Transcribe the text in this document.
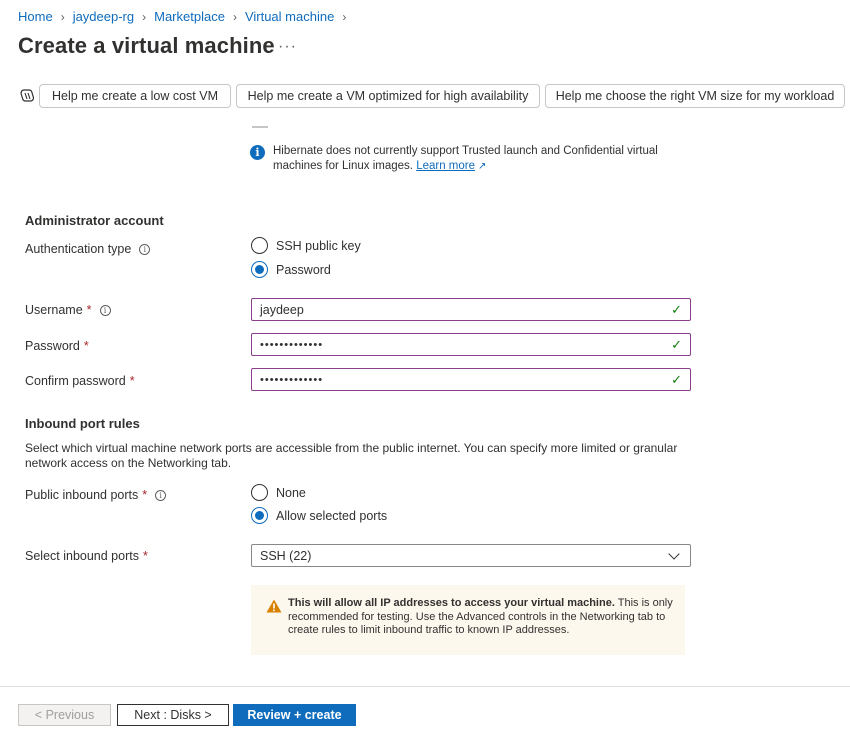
Home › jaydeep-rg › Marketplace › Virtual machine ›
Create a virtual machine ···
Help me create a low cost VM	Help me create a VM optimized for high availability	Help me choose the right VM size for my workload
i	Hibernate does not currently support Trusted launch and Confidential virtual machines for Linux images. Learn more ↗
Administrator account
Authentication type	i	SSH public key
Password
Username *	i	jaydeep	✓
Password *	•••••••••••••	✓
Confirm password *	•••••••••••••	✓
Inbound port rules
Select which virtual machine network ports are accessible from the public internet. You can specify more limited or granular network access on the Networking tab.
Public inbound ports *	i	None
Allow selected ports
Select inbound ports *	SSH (22)
This will allow all IP addresses to access your virtual machine. This is only recommended for testing. Use the Advanced controls in the Networking tab to create rules to limit inbound traffic to known IP addresses.
< Previous	Next : Disks >	Review + create
